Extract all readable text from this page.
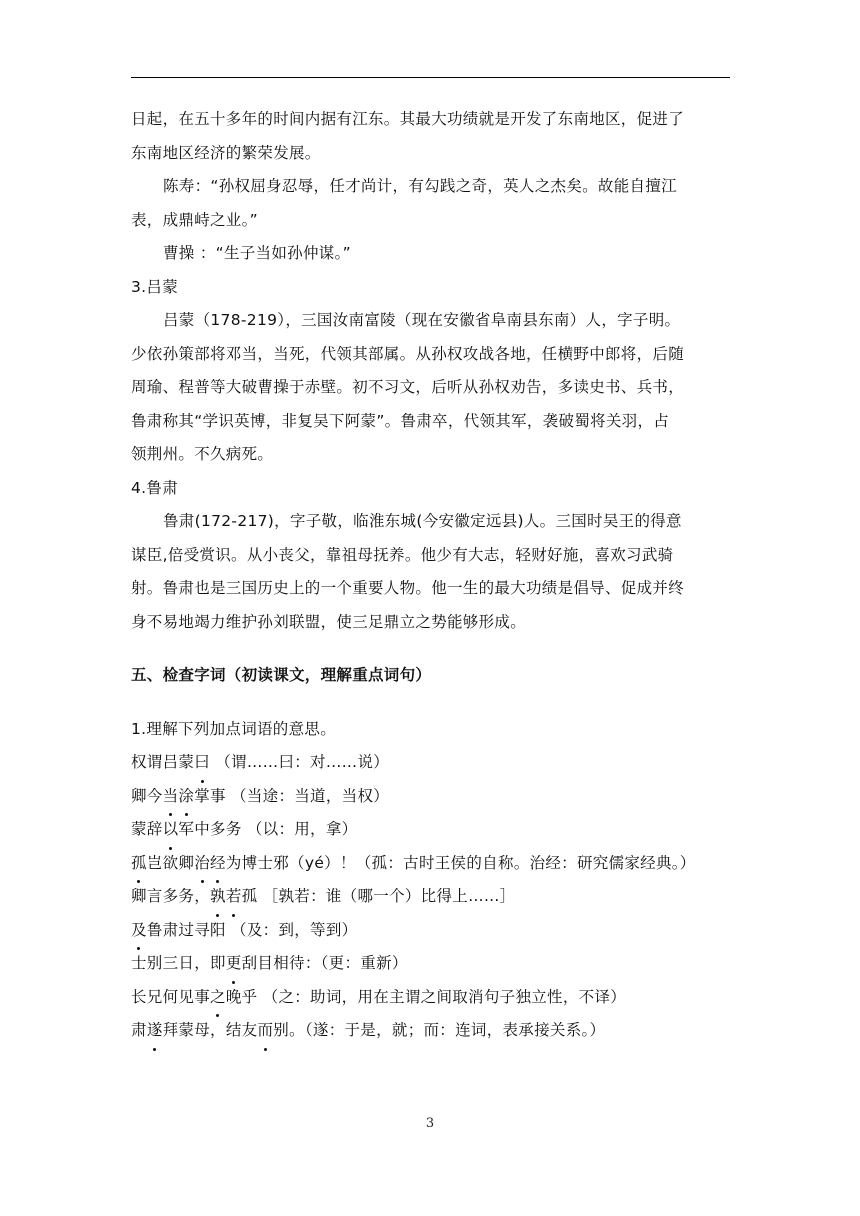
日起，在五十多年的时间内据有江东。其最大功绩就是开发了东南地区，促进了

东南地区经济的繁荣发展。

陈寿：“孙权屈身忍辱，任才尚计，有勾践之奇，英人之杰矣。故能自擅江

表，成鼎峙之业。”

曹操 ：“生子当如孙仲谋。”

3.吕蒙

吕蒙（178-219），三国汝南富陵（现在安徽省阜南县东南）人，字子明。

少依孙策部将邓当，当死，代领其部属。从孙权攻战各地，任横野中郎将，后随

周瑜、程普等大破曹操于赤壁。初不习文，后听从孙权劝告，多读史书、兵书，

鲁肃称其“学识英博，非复吴下阿蒙”。鲁肃卒，代领其军，袭破蜀将关羽，占

领荆州。不久病死。

4.鲁肃

鲁肃(172-217)，字子敬，临淮东城(今安徽定远县)人。三国时吴王的得意

谋臣,倍受赏识。从小丧父，靠祖母抚养。他少有大志，轻财好施，喜欢习武骑

射。鲁肃也是三国历史上的一个重要人物。他一生的最大功绩是倡导、促成并终

身不易地竭力维护孙刘联盟，使三足鼎立之势能够形成。

五、检查字词（初读课文，理解重点词句）

1.理解下列加点词语的意思。

权谓吕蒙曰 （谓……曰：对……说）
卿今当涂掌事 （当途：当道，当权）
蒙辞以军中多务 （以：用，拿）
孤岂欲卿治经为博士邪（yé）！（孤：古时王侯的自称。治经：研究儒家经典。）
卿言多务，孰若孤 ［孰若：谁（哪一个）比得上……］
及鲁肃过寻阳 （及：到，等到）
士别三日，即更刮目相待：（更：重新）
长兄何见事之晚乎 （之：助词，用在主谓之间取消句子独立性，不译）
肃遂拜蒙母，结友而别。（遂：于是，就；而：连词，表承接关系。）
3
